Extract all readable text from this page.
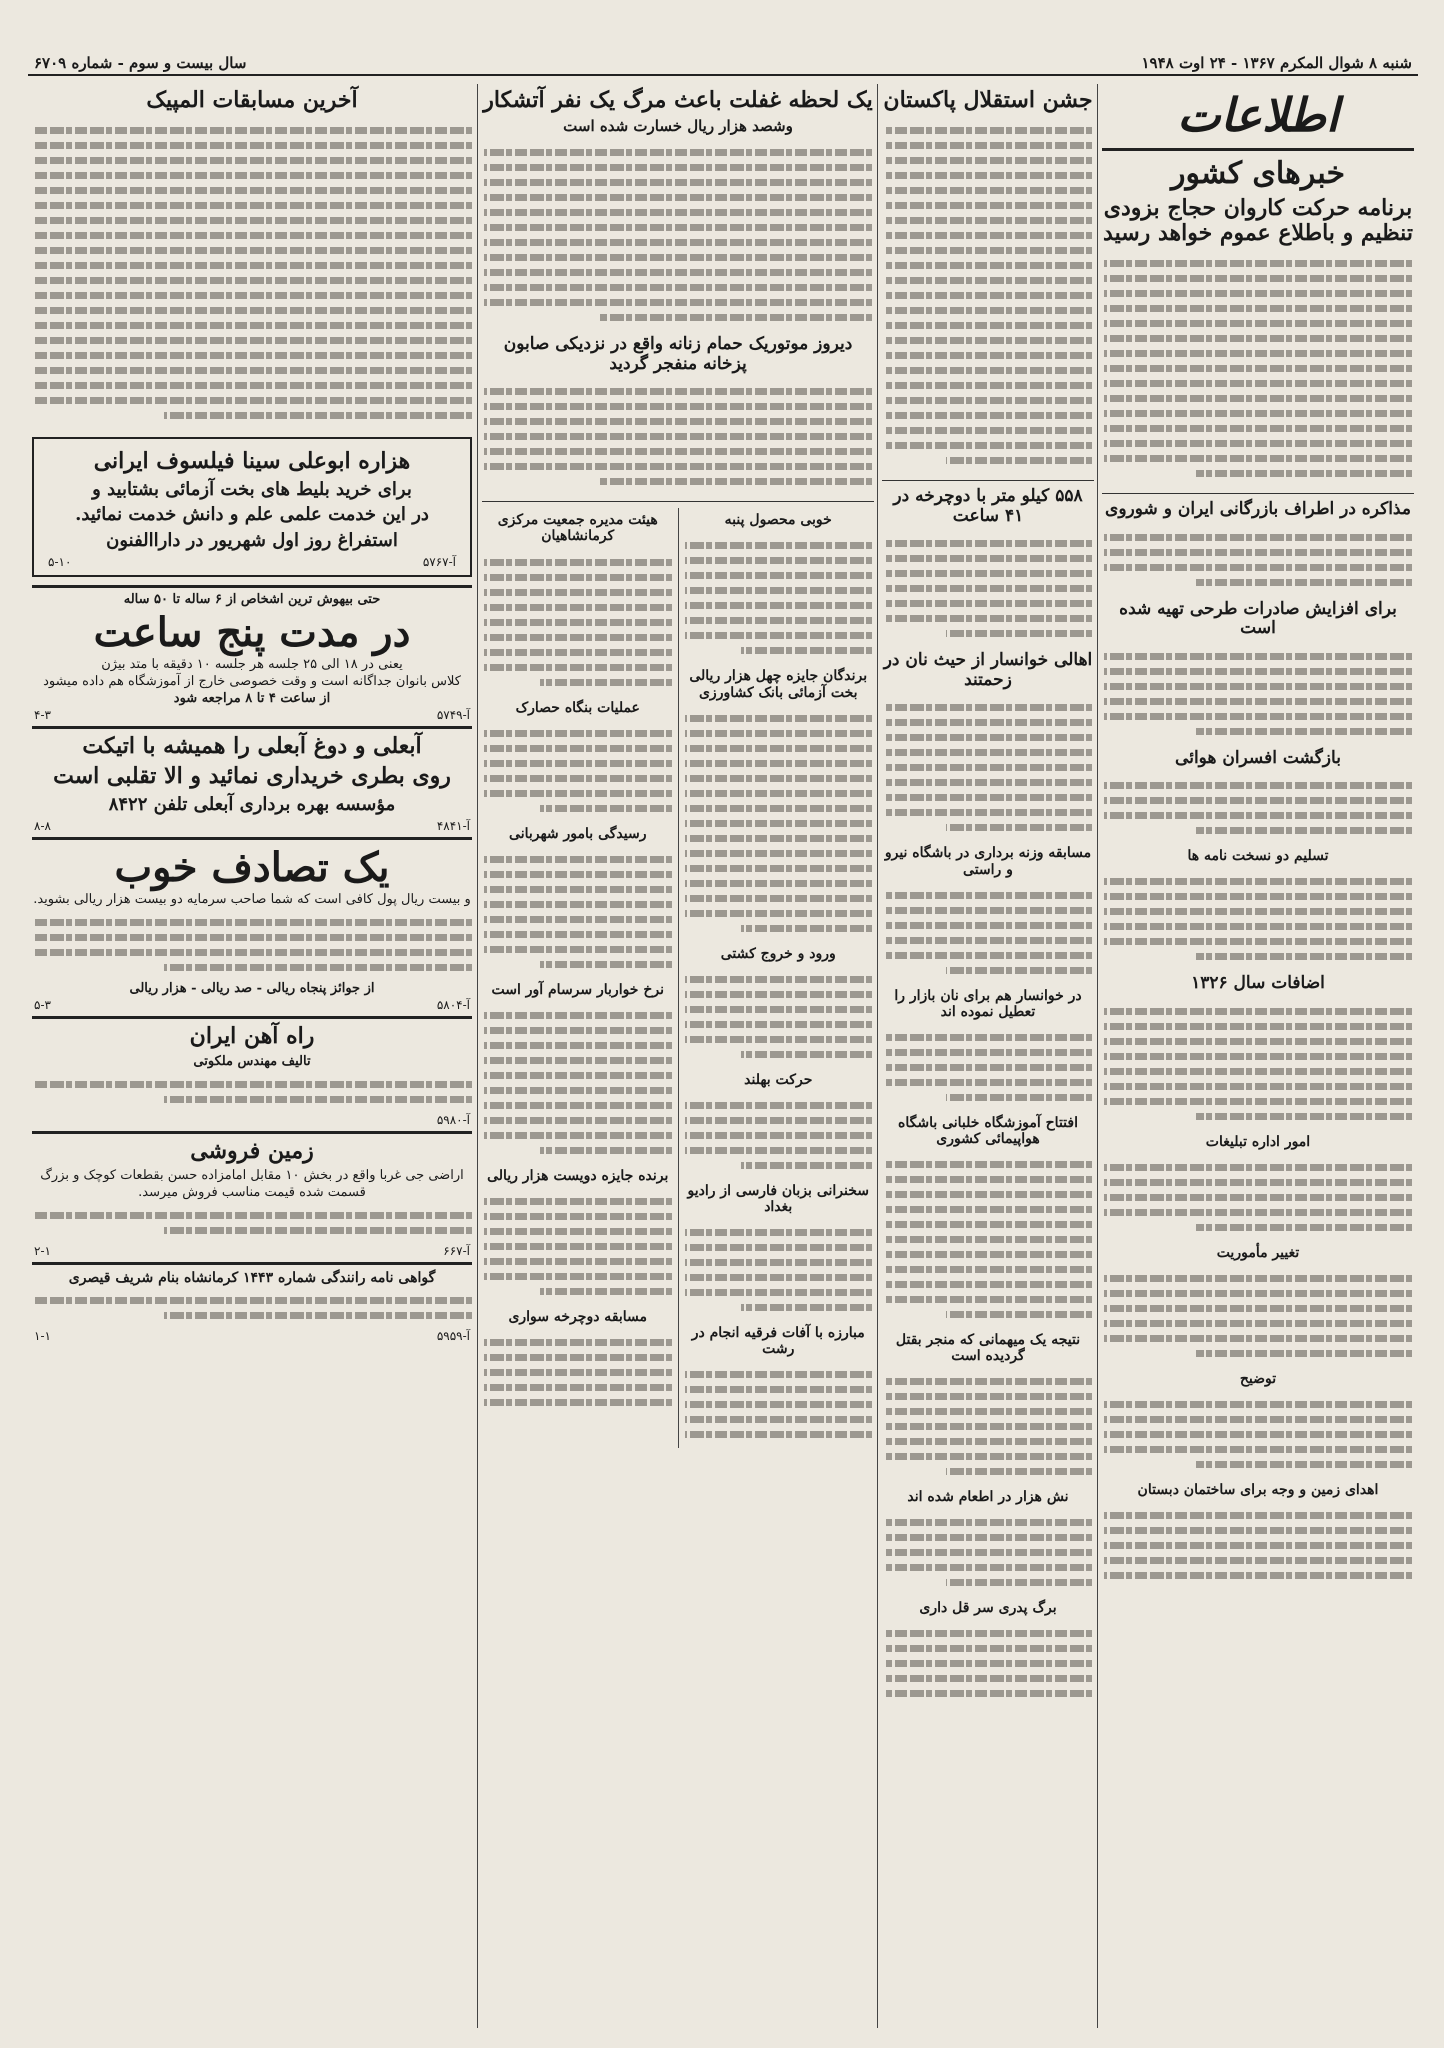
شنبه ۸ شوال المکرم ۱۳۶۷ - ۲۴ اوت ۱۹۴۸
سال بیست و سوم - شماره ۶۷۰۹
اطلاعات
خبرهای کشور
برنامه حرکت کاروان حجاج بزودی تنظیم و باطلاع عموم خواهد رسید
مذاکره در اطراف بازرگانی ایران و شوروی
برای افزایش صادرات طرحی تهیه شده است
بازگشت افسران هوائی
تسلیم دو نسخت نامه ها
اضافات سال ۱۳۲۶
امور اداره تبلیغات
تغییر مأموریت
توضیح
اهدای زمین و وجه برای ساختمان دبستان
جشن استقلال پاکستان
۵۵۸ کیلو متر با دوچرخه در ۴۱ ساعت
اهالی خوانسار از حیث نان در زحمتند
مسابقه وزنه برداری در باشگاه نیرو و راستی
در خوانسار هم برای نان بازار را تعطیل نموده اند
افتتاح آموزشگاه خلبانی باشگاه هواپیمائی کشوری
نتیجه یک میهمانی که منجر بقتل گردیده است
نش هزار در اطعام شده اند
برگ پدری سر قل داری
یک لحظه غفلت باعث مرگ یک نفر آتشکار
وشصد هزار ریال خسارت شده است
دیروز موتوریک حمام زنانه واقع در نزدیکی صابون پزخانه منفجر گردید
خوبی محصول پنبه
برندگان جایزه چهل هزار ریالی بخت آزمائی بانک کشاورزی
ورود و خروج کشتی
حرکت بهلند
سخنرانی بزبان فارسی از رادیو بغداد
مبارزه با آفات فرقیه انجام در رشت
هیئت مدیره جمعیت مرکزی کرمانشاهیان
عملیات بنگاه حصارک
رسیدگی بامور شهربانی
نرخ خواربار سرسام آور است
برنده جایزه دویست هزار ریالی
مسابقه دوچرخه سواری
آخرین مسابقات المپیک
هزاره ابوعلی سینا فیلسوف ایرانی
برای خرید بلیط های بخت آزمائی بشتابید و
در این خدمت علمی علم و دانش خدمت نمائید.
استفراغ روز اول شهریور در داراالفنون
آ-۵۷۶۷
۵-۱۰
حتی بیهوش ترین اشخاص از ۶ ساله تا ۵۰ ساله
در مدت پنج ساعت
یعنی در ۱۸ الی ۲۵ جلسه هر جلسه ۱۰ دقیقه با متد بیژن
کلاس بانوان جداگانه است و وقت خصوصی خارج از آموزشگاه هم داده میشود
از ساعت ۴ تا ۸ مراجعه شود
آ-۵۷۴۹
۴-۳
آبعلی و دوغ آبعلی را همیشه با اتیکت
روی بطری خریداری نمائید و الا تقلبی است
مؤسسه بهره برداری آبعلی تلفن ۸۴۲۲
آ-۴۸۴۱
۸-۸
یک تصادف خوب
و بیست ریال پول کافی است که شما صاحب سرمایه دو بیست هزار ریالی بشوید.
از جوائز پنجاه ریالی - صد ریالی - هزار ریالی
آ-۵۸۰۴
۵-۳
راه آهن ایران
تالیف مهندس ملکوتی
آ-۵۹۸۰
زمین فروشی
اراضی جی غربا واقع در بخش ۱۰ مقابل امامزاده حسن بقطعات کوچک و بزرگ قسمت شده قیمت مناسب فروش میرسد.
آ-۶۶۷
۲-۱
گواهی نامه رانندگی شماره ۱۴۴۳ کرمانشاه بنام شریف قیصری
آ-۵۹۵۹
۱-۱
